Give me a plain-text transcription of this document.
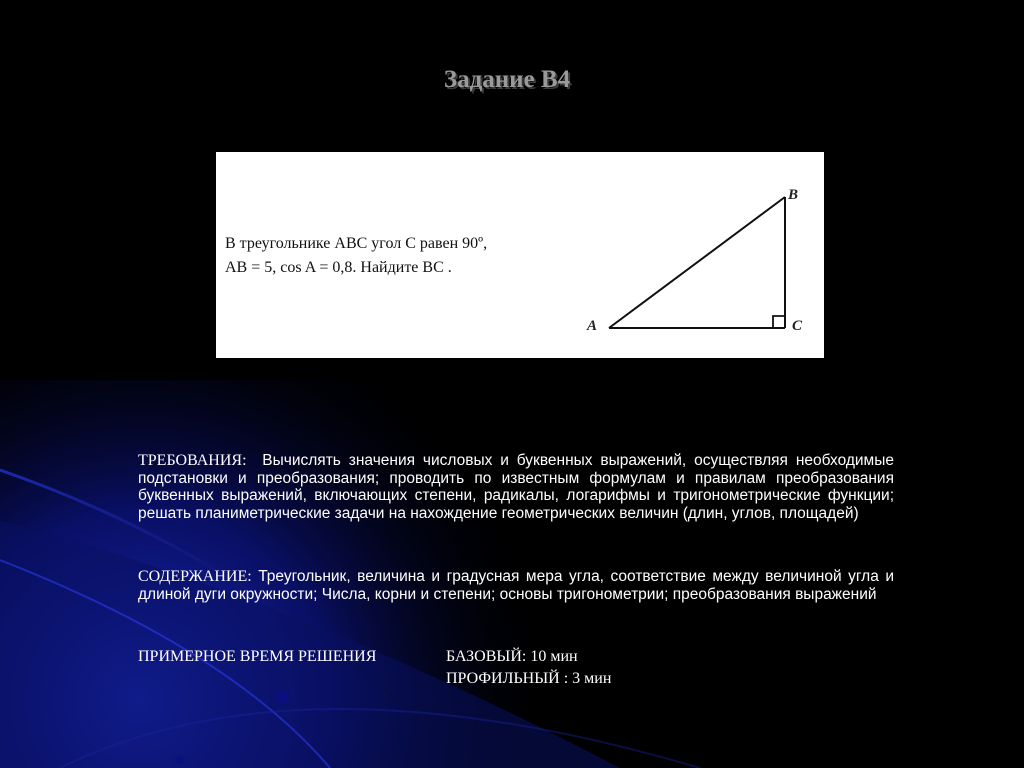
Задание В4
В треугольнике ABC угол C равен 90º,
AB = 5, cos A = 0,8. Найдите BC .
A
B
C
ТРЕБОВАНИЯ: Вычислять значения числовых и буквенных выражений, осуществляя необходимые подстановки и преобразования; проводить по известным формулам и правилам преобразования буквенных выражений, включающих степени, радикалы, логарифмы и тригонометрические функции; решать планиметрические задачи на нахождение геометрических величин (длин, углов, площадей)
СОДЕРЖАНИЕ: Треугольник, величина и градусная мера угла, соответствие между величиной угла и длиной дуги окружности; Числа, корни и степени; основы тригонометрии; преобразования выражений
ПРИМЕРНОЕ ВРЕМЯ РЕШЕНИЯ	БАЗОВЫЙ: 10 мин
ПРОФИЛЬНЫЙ : 3 мин
